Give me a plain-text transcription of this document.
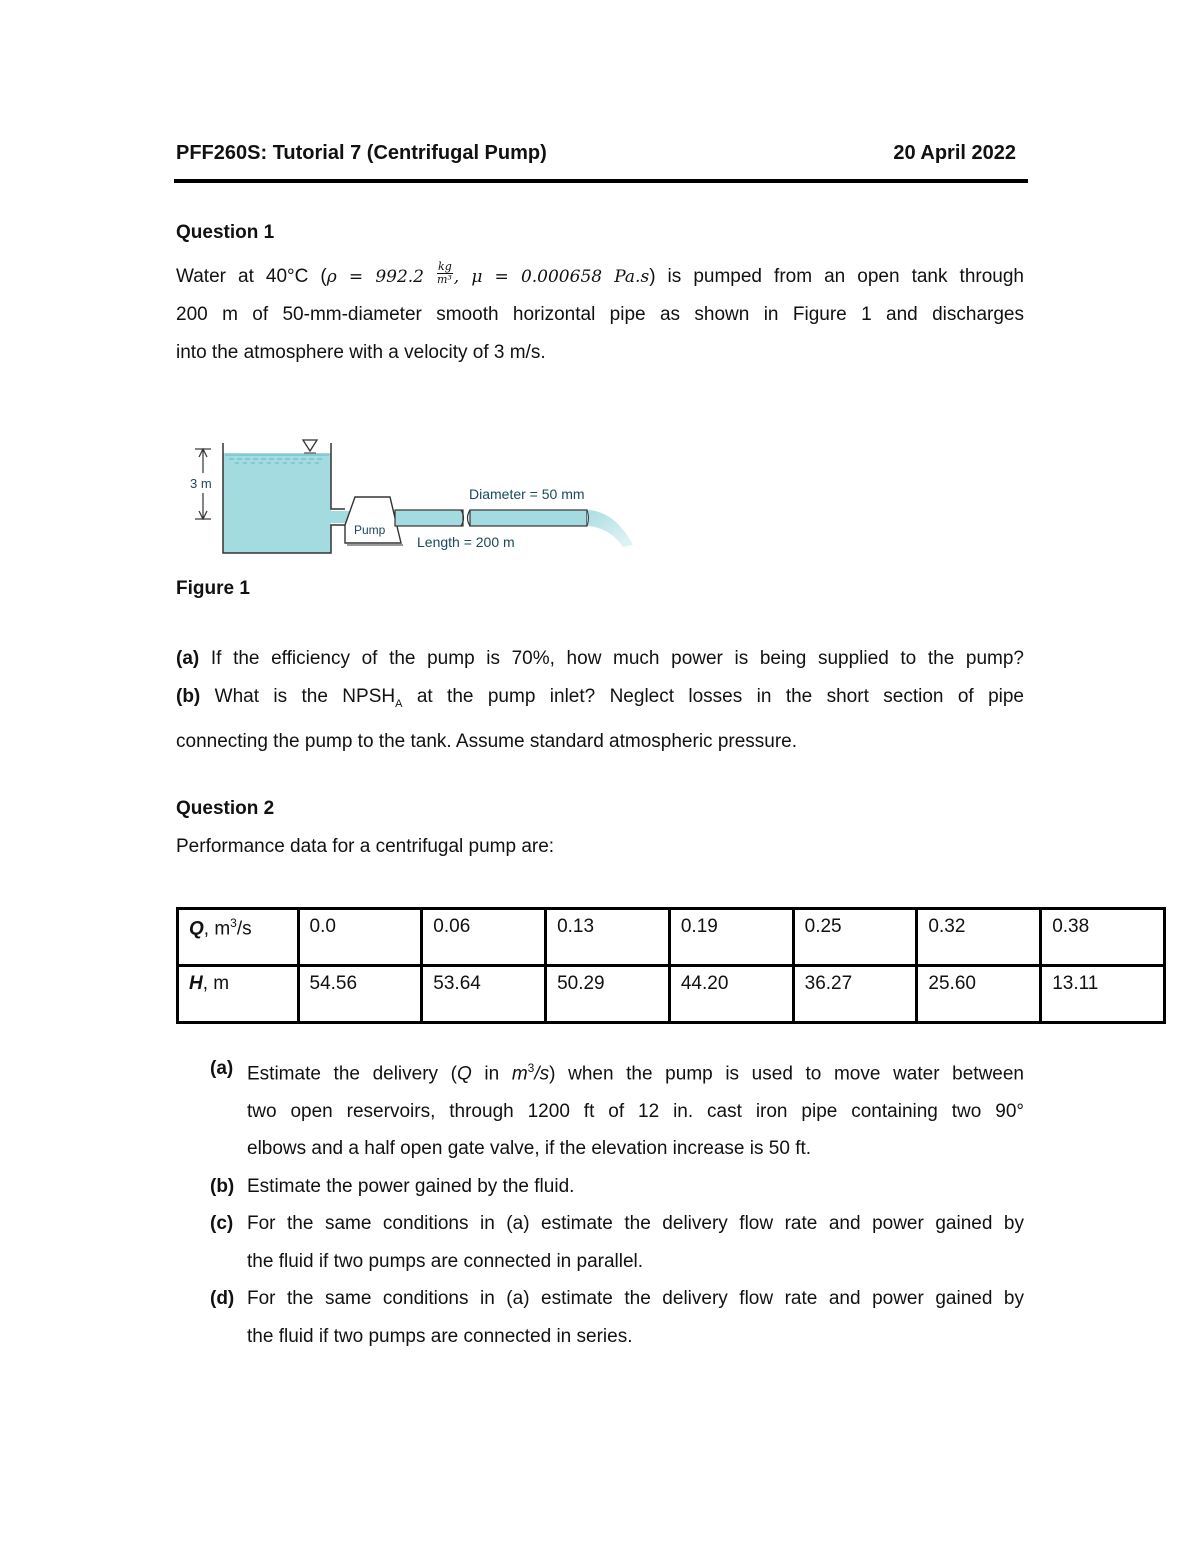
PFF260S: Tutorial 7 (Centrifugal Pump)	20 April 2022
Question 1
Water at 40°C ($\rho = 992.2 \frac{kg}{\text{m³}}$ , μ = 0.000658 Pa.s) is pumped from an open tank through
200 m of 50-mm-diameter smooth horizontal pipe as shown in Figure 1 and discharges
into the atmosphere with a velocity of 3 m/s.
3 m
Pump
Diameter = 50 mm
Length = 200 m
Figure 1
(a) If the efficiency of the pump is 70%, how much power is being supplied to the pump?
(b) What is the $NPSH_A$ at the pump inlet? Neglect losses in the short section of pipe
connecting the pump to the tank. Assume standard atmospheric pressure.
Question 2
Performance data for a centrifugal pump are:
Q, $m^3/s$	0.0	0.06	0.13	0.19	0.25	0.32	0.38
H, m	54.56	53.64	50.29	44.20	36.27	25.60	13.11
(a) Estimate the delivery (Q in $m^3/s$) when the pump is used to move water between
two open reservoirs, through 1200 ft of 12 in. cast iron pipe containing two 90°
elbows and a half open gate valve, if the elevation increase is 50 ft.
(b) Estimate the power gained by the fluid.
(c) For the same conditions in (a) estimate the delivery flow rate and power gained by
the fluid if two pumps are connected in parallel.
(d) For the same conditions in (a) estimate the delivery flow rate and power gained by
the fluid if two pumps are connected in series.
